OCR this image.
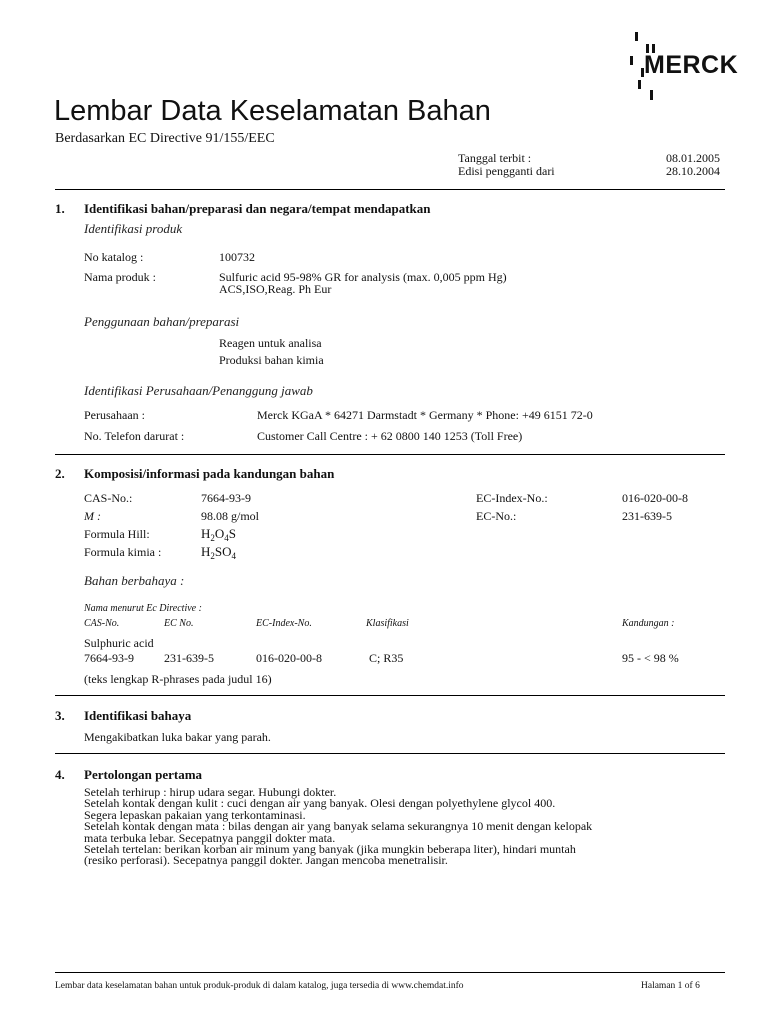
MERCK
Lembar Data Keselamatan Bahan
Berdasarkan EC Directive 91/155/EEC
Tanggal terbit :	08.01.2005
Edisi pengganti dari	28.10.2004
1. Identifikasi bahan/preparasi dan negara/tempat mendapatkan
Identifikasi produk
No katalog :	100732
Nama produk :	Sulfuric acid 95-98% GR for analysis (max. 0,005 ppm Hg)
ACS,ISO,Reag. Ph Eur
Penggunaan bahan/preparasi
Reagen untuk analisa
Produksi bahan kimia
Identifikasi Perusahaan/Penanggung jawab
Perusahaan :	Merck KGaA * 64271 Darmstadt * Germany * Phone: +49 6151 72-0
No. Telefon darurat :	Customer Call Centre : + 62 0800 140 1253 (Toll Free)
2. Komposisi/informasi pada kandungan bahan
CAS-No.:	7664-93-9	EC-Index-No.:	016-020-00-8
M :	98.08 g/mol	EC-No.:	231-639-5
Formula Hill:	$H_2O_4S$
Formula kimia :	$H_2SO_4$
Bahan berbahaya :
Nama menurut Ec Directive :
CAS-No.	EC No.	EC-Index-No.	Klasifikasi	Kandungan :
Sulphuric acid
7664-93-9	231-639-5	016-020-00-8	C; R35	95 - < 98 %
(teks lengkap R-phrases pada judul 16)
3. Identifikasi bahaya
Mengakibatkan luka bakar yang parah.
4. Pertolongan pertama
Setelah terhirup : hirup udara segar. Hubungi dokter.
Setelah kontak dengan kulit : cuci dengan air yang banyak. Olesi dengan polyethylene glycol 400.
Segera lepaskan pakaian yang terkontaminasi.
Setelah kontak dengan mata : bilas dengan air yang banyak selama sekurangnya 10 menit dengan kelopak
mata terbuka lebar. Secepatnya panggil dokter mata.
Setelah tertelan: berikan korban air minum yang banyak (jika mungkin beberapa liter), hindari muntah
(resiko perforasi). Secepatnya panggil dokter. Jangan mencoba menetralisir.
Lembar data keselamatan bahan untuk produk-produk di dalam katalog, juga tersedia di www.chemdat.info	Halaman 1 of 6
